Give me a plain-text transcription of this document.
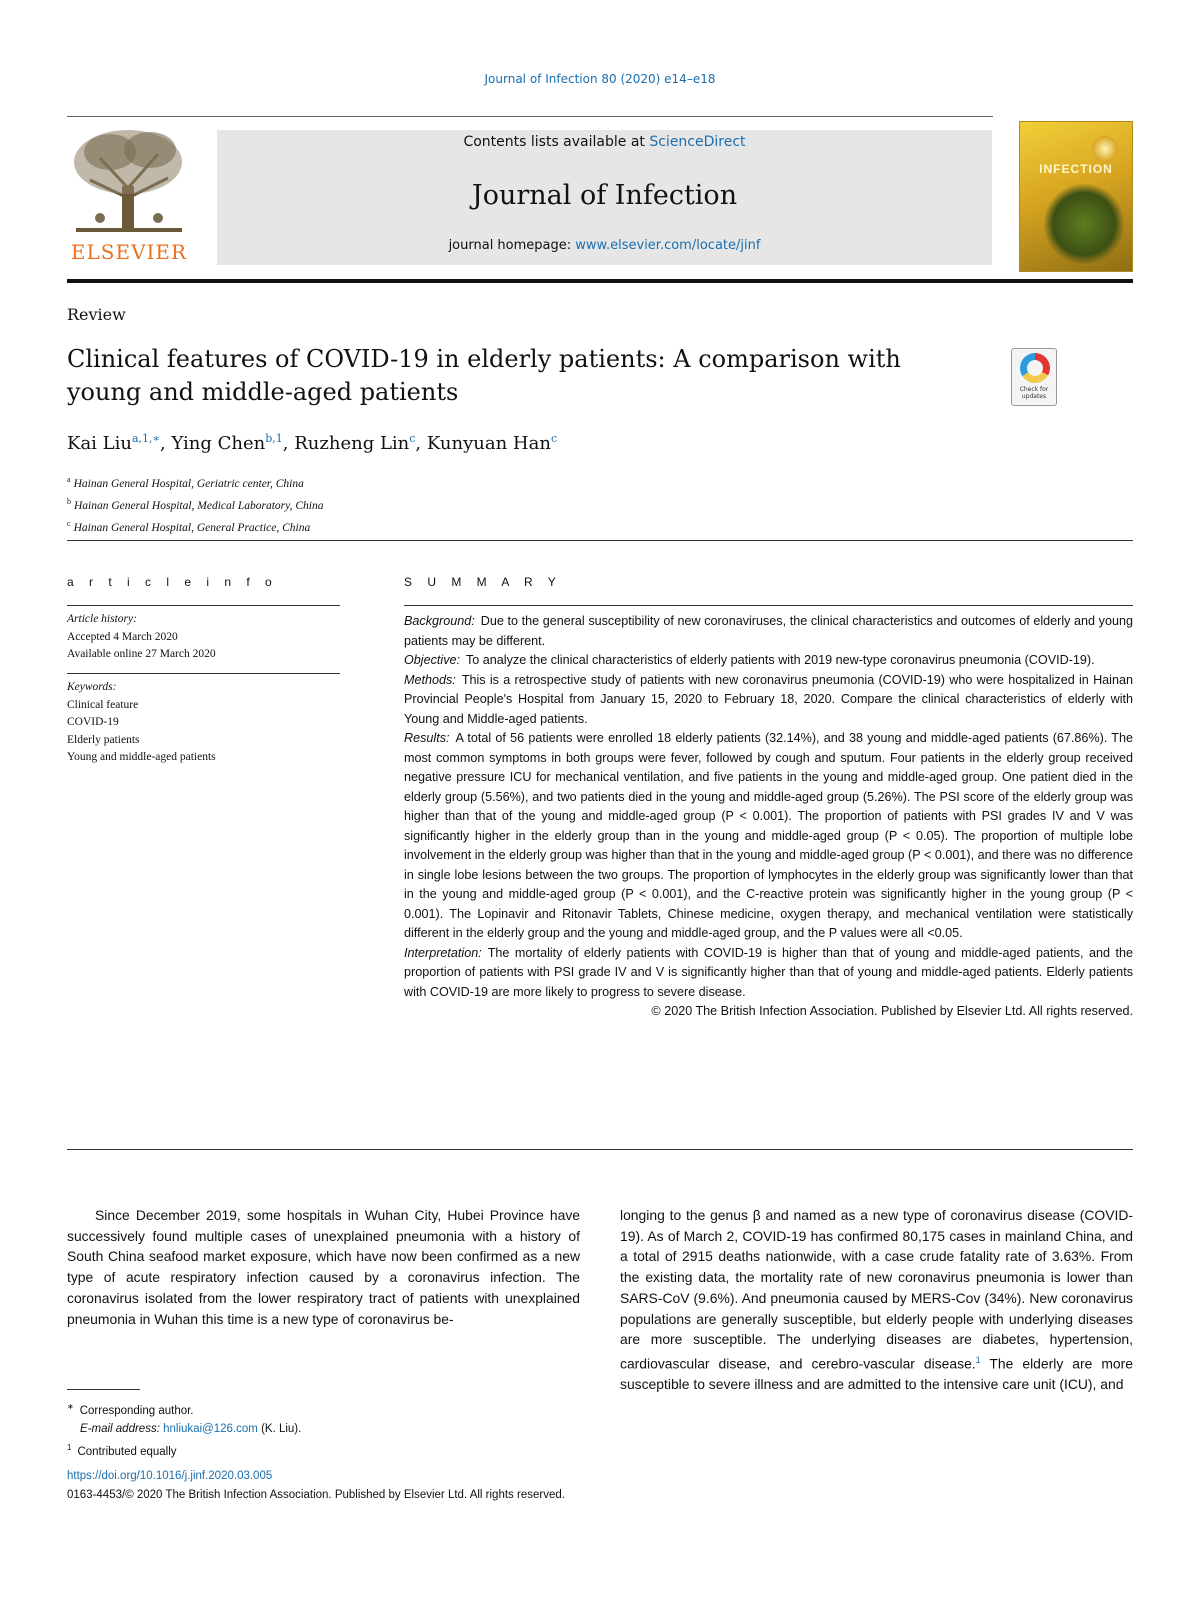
Journal of Infection 80 (2020) e14–e18
ELSEVIER
Contents lists available at ScienceDirect
Journal of Infection
journal homepage: www.elsevier.com/locate/jinf
INFECTION
Review
Clinical features of COVID-19 in elderly patients: A comparison with young and middle-aged patients	Check for updates
Kai Liu$^{a,1,∗}$, Ying Chen$^{b,1}$, Ruzheng Lin$^c$, Kunyuan Han$^c$
$^a$ Hainan General Hospital, Geriatric center, China
$^b$ Hainan General Hospital, Medical Laboratory, China
$^c$ Hainan General Hospital, General Practice, China
a r t i c l e i n f o	S U M M A R Y
Article history:
Accepted 4 March 2020
Available online 27 March 2020
Keywords:
Clinical feature
COVID-19
Elderly patients
Young and middle-aged patients

Background: Due to the general susceptibility of new coronaviruses, the clinical characteristics and outcomes of elderly and young patients may be different.

Objective: To analyze the clinical characteristics of elderly patients with 2019 new-type coronavirus pneumonia (COVID-19).

Methods: This is a retrospective study of patients with new coronavirus pneumonia (COVID-19) who were hospitalized in Hainan Provincial People's Hospital from January 15, 2020 to February 18, 2020. Compare the clinical characteristics of elderly with Young and Middle-aged patients.

Results: A total of 56 patients were enrolled 18 elderly patients (32.14%), and 38 young and middle-aged patients (67.86%). The most common symptoms in both groups were fever, followed by cough and sputum. Four patients in the elderly group received negative pressure ICU for mechanical ventilation, and five patients in the young and middle-aged group. One patient died in the elderly group (5.56%), and two patients died in the young and middle-aged group (5.26%). The PSI score of the elderly group was higher than that of the young and middle-aged group (P < 0.001). The proportion of patients with PSI grades IV and V was significantly higher in the elderly group than in the young and middle-aged group (P < 0.05). The proportion of multiple lobe involvement in the elderly group was higher than that in the young and middle-aged group (P < 0.001), and there was no difference in single lobe lesions between the two groups. The proportion of lymphocytes in the elderly group was significantly lower than that in the young and middle-aged group (P < 0.001), and the C-reactive protein was significantly higher in the young group (P < 0.001). The Lopinavir and Ritonavir Tablets, Chinese medicine, oxygen therapy, and mechanical ventilation were statistically different in the elderly group and the young and middle-aged group, and the P values were all <0.05.

Interpretation: The mortality of elderly patients with COVID-19 is higher than that of young and middle-aged patients, and the proportion of patients with PSI grade IV and V is significantly higher than that of young and middle-aged patients. Elderly patients with COVID-19 are more likely to progress to severe disease.

© 2020 The British Infection Association. Published by Elsevier Ltd. All rights reserved.

Since December 2019, some hospitals in Wuhan City, Hubei Province have successively found multiple cases of unexplained pneumonia with a history of South China seafood market exposure, which have now been confirmed as a new type of acute respiratory infection caused by a coronavirus infection. The coronavirus isolated from the lower respiratory tract of patients with unexplained pneumonia in Wuhan this time is a new type of coronavirus be-
longing to the genus β and named as a new type of coronavirus disease (COVID-19). As of March 2, COVID-19 has confirmed 80,175 cases in mainland China, and a total of 2915 deaths nationwide, with a case crude fatality rate of 3.63%. From the existing data, the mortality rate of new coronavirus pneumonia is lower than SARS-CoV (9.6%). And pneumonia caused by MERS-Cov (34%). New coronavirus populations are generally susceptible, but elderly people with underlying diseases are more susceptible. The underlying diseases are diabetes, hypertension, cardiovascular disease, and cerebro-vascular disease.$^1$ The elderly are more susceptible to severe illness and are admitted to the intensive care unit (ICU), and
∗ Corresponding author.
E-mail address: hnliukai@126.com (K. Liu).
$^1$ Contributed equally
https://doi.org/10.1016/j.jinf.2020.03.005
0163-4453/© 2020 The British Infection Association. Published by Elsevier Ltd. All rights reserved.
